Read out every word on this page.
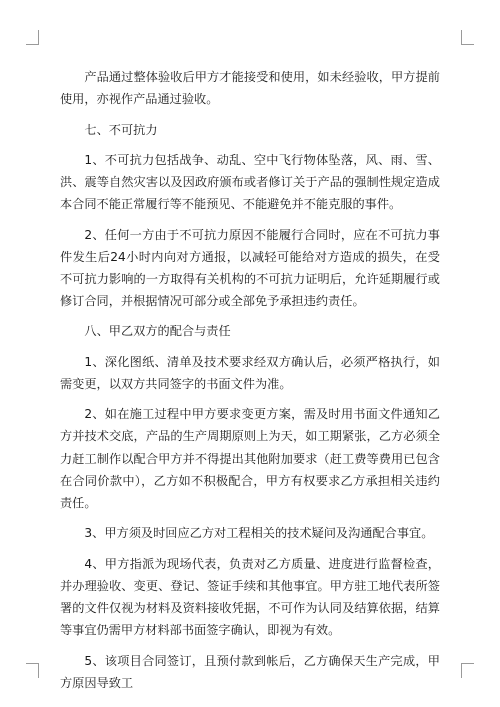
产品通过整体验收后甲方才能接受和使用，如未经验收，甲方提前使用，亦视作产品通过验收。

七、不可抗力

1、不可抗力包括战争、动乱、空中飞行物体坠落，风、雨、雪、洪、震等自然灾害以及因政府颁布或者修订关于产品的强制性规定造成本合同不能正常履行等不能预见、不能避免并不能克服的事件。

2、任何一方由于不可抗力原因不能履行合同时，应在不可抗力事件发生后24小时内向对方通报，以减轻可能给对方造成的损失，在受不可抗力影响的一方取得有关机构的不可抗力证明后，允许延期履行或修订合同，并根据情况可部分或全部免予承担违约责任。

八、甲乙双方的配合与责任

1、深化图纸、清单及技术要求经双方确认后，必须严格执行，如需变更，以双方共同签字的书面文件为准。

2、如在施工过程中甲方要求变更方案，需及时用书面文件通知乙方并技术交底，产品的生产周期原则上为天，如工期紧张，乙方必须全力赶工制作以配合甲方并不得提出其他附加要求（赶工费等费用已包含在合同价款中），乙方如不积极配合，甲方有权要求乙方承担相关违约责任。

3、甲方须及时回应乙方对工程相关的技术疑问及沟通配合事宜。

4、甲方指派为现场代表，负责对乙方质量、进度进行监督检查，并办理验收、变更、登记、签证手续和其他事宜。甲方驻工地代表所签署的文件仅视为材料及资料接收凭据，不可作为认同及结算依据，结算等事宜仍需甲方材料部书面签字确认，即视为有效。

5、该项目合同签订，且预付款到帐后，乙方确保天生产完成，甲方原因导致工
